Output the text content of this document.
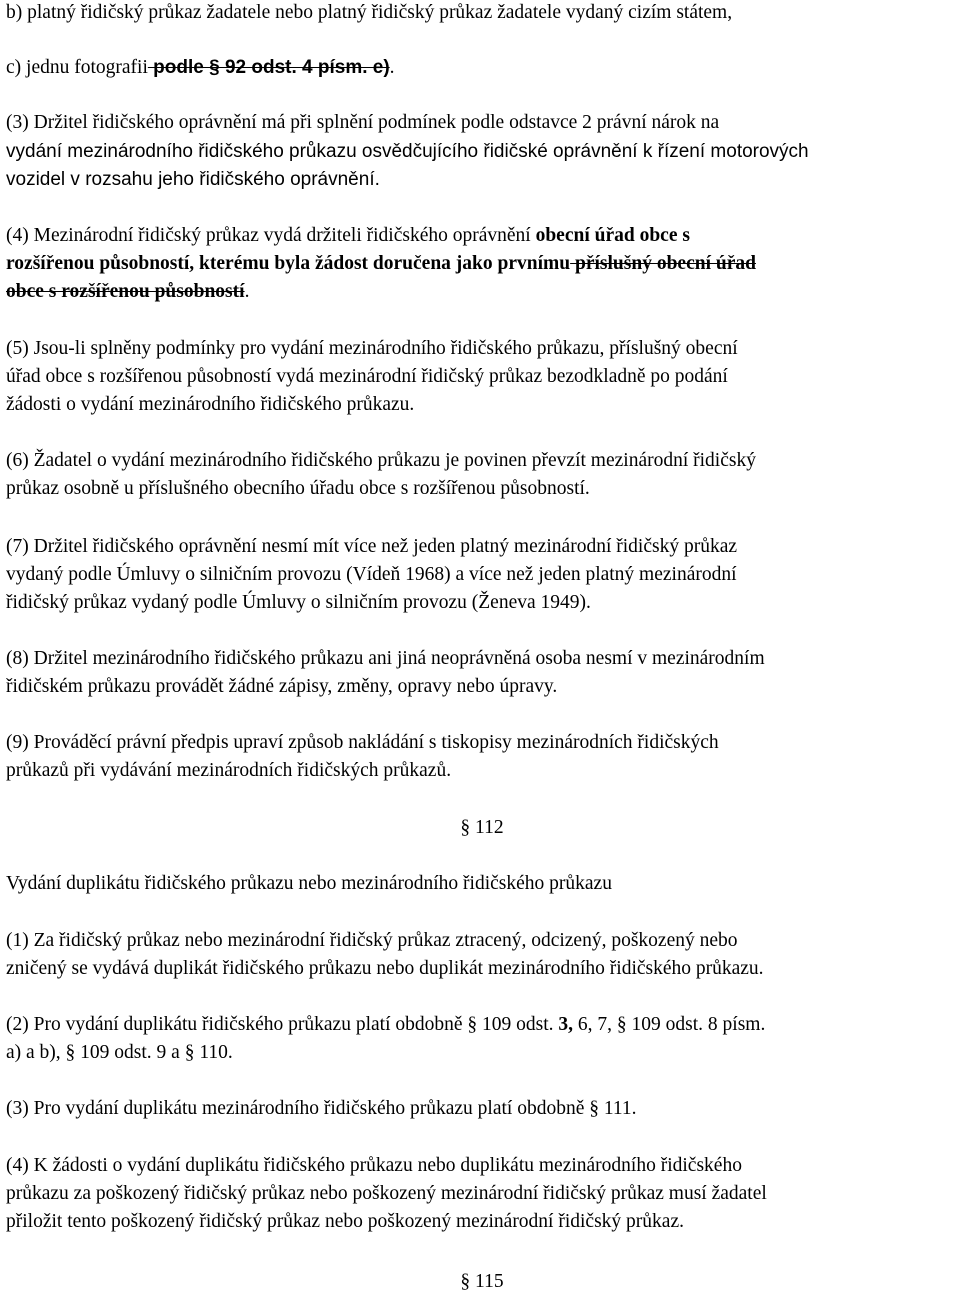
b) platný řidičský průkaz žadatele nebo platný řidičský průkaz žadatele vydaný cizím státem,
c) jednu fotografii podle § 92 odst. 4 písm. e).
(3) Držitel řidičského oprávnění má při splnění podmínek podle odstavce 2 právní nárok na
vydání mezinárodního řidičského průkazu osvědčujícího řidičské oprávnění k řízení motorových
vozidel v rozsahu jeho řidičského oprávnění.
(4) Mezinárodní řidičský průkaz vydá držiteli řidičského oprávnění obecní úřad obce s
rozšířenou působností, kterému byla žádost doručena jako prvnímu příslušný obecní úřad
obce s rozšířenou působností.
(5) Jsou-li splněny podmínky pro vydání mezinárodního řidičského průkazu, příslušný obecní
úřad obce s rozšířenou působností vydá mezinárodní řidičský průkaz bezodkladně po podání
žádosti o vydání mezinárodního řidičského průkazu.
(6) Žadatel o vydání mezinárodního řidičského průkazu je povinen převzít mezinárodní řidičský
průkaz osobně u příslušného obecního úřadu obce s rozšířenou působností.
(7) Držitel řidičského oprávnění nesmí mít více než jeden platný mezinárodní řidičský průkaz
vydaný podle Úmluvy o silničním provozu (Vídeň 1968) a více než jeden platný mezinárodní
řidičský průkaz vydaný podle Úmluvy o silničním provozu (Ženeva 1949).
(8) Držitel mezinárodního řidičského průkazu ani jiná neoprávněná osoba nesmí v mezinárodním
řidičském průkazu provádět žádné zápisy, změny, opravy nebo úpravy.
(9) Prováděcí právní předpis upraví způsob nakládání s tiskopisy mezinárodních řidičských
průkazů při vydávání mezinárodních řidičských průkazů.
§ 112
Vydání duplikátu řidičského průkazu nebo mezinárodního řidičského průkazu
(1) Za řidičský průkaz nebo mezinárodní řidičský průkaz ztracený, odcizený, poškozený nebo
zničený se vydává duplikát řidičského průkazu nebo duplikát mezinárodního řidičského průkazu.
(2) Pro vydání duplikátu řidičského průkazu platí obdobně § 109 odst. 3, 6, 7, § 109 odst. 8 písm.
a) a b), § 109 odst. 9 a § 110.
(3) Pro vydání duplikátu mezinárodního řidičského průkazu platí obdobně § 111.
(4) K žádosti o vydání duplikátu řidičského průkazu nebo duplikátu mezinárodního řidičského
průkazu za poškozený řidičský průkaz nebo poškozený mezinárodní řidičský průkaz musí žadatel
přiložit tento poškozený řidičský průkaz nebo poškozený mezinárodní řidičský průkaz.
§ 115
